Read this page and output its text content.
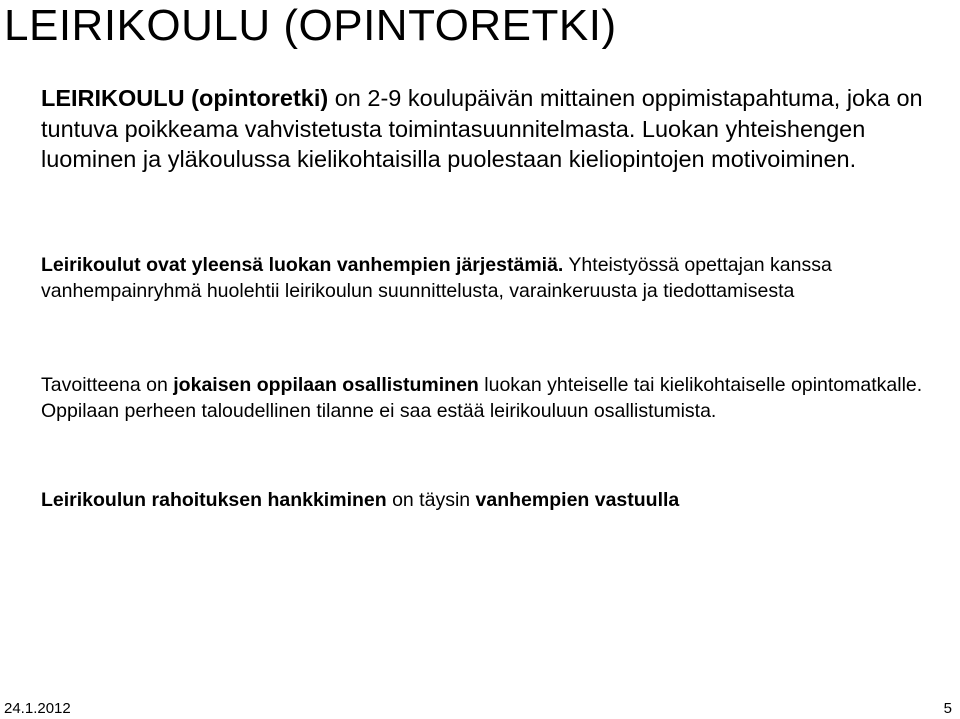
LEIRIKOULU (OPINTORETKI)
LEIRIKOULU (opintoretki) on 2-9 koulupäivän mittainen oppimistapahtuma, joka on tuntuva poikkeama vahvistetusta toimintasuunnitelmasta. Luokan yhteishengen luominen ja yläkoulussa kielikohtaisilla puolestaan kieliopintojen motivoiminen.
Leirikoulut ovat yleensä luokan vanhempien järjestämiä. Yhteistyössä opettajan kanssa vanhempainryhmä huolehtii leirikoulun suunnittelusta, varainkeruusta ja tiedottamisesta
Tavoitteena on jokaisen oppilaan osallistuminen luokan yhteiselle tai kielikohtaiselle opintomatkalle. Oppilaan perheen taloudellinen tilanne ei saa estää leirikouluun osallistumista.
Leirikoulun rahoituksen hankkiminen on täysin vanhempien vastuulla
24.1.2012	5
